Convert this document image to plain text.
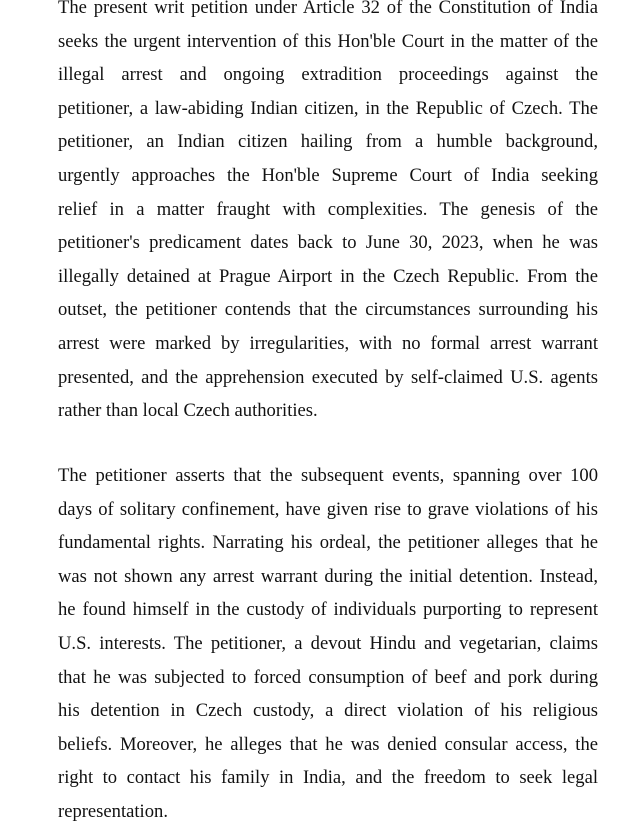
The present writ petition under Article 32 of the Constitution of India
seeks the urgent intervention of this Hon'ble Court in the matter of the
illegal arrest and ongoing extradition proceedings against the
petitioner, a law-abiding Indian citizen, in the Republic of Czech. The
petitioner, an Indian citizen hailing from a humble background,
urgently approaches the Hon'ble Supreme Court of India seeking
relief in a matter fraught with complexities. The genesis of the
petitioner's predicament dates back to June 30, 2023, when he was
illegally detained at Prague Airport in the Czech Republic. From the
outset, the petitioner contends that the circumstances surrounding his
arrest were marked by irregularities, with no formal arrest warrant
presented, and the apprehension executed by self-claimed U.S. agents
rather than local Czech authorities.

The petitioner asserts that the subsequent events, spanning over 100
days of solitary confinement, have given rise to grave violations of his
fundamental rights. Narrating his ordeal, the petitioner alleges that he
was not shown any arrest warrant during the initial detention. Instead,
he found himself in the custody of individuals purporting to represent
U.S. interests. The petitioner, a devout Hindu and vegetarian, claims
that he was subjected to forced consumption of beef and pork during
his detention in Czech custody, a direct violation of his religious
beliefs. Moreover, he alleges that he was denied consular access, the
right to contact his family in India, and the freedom to seek legal
representation.
